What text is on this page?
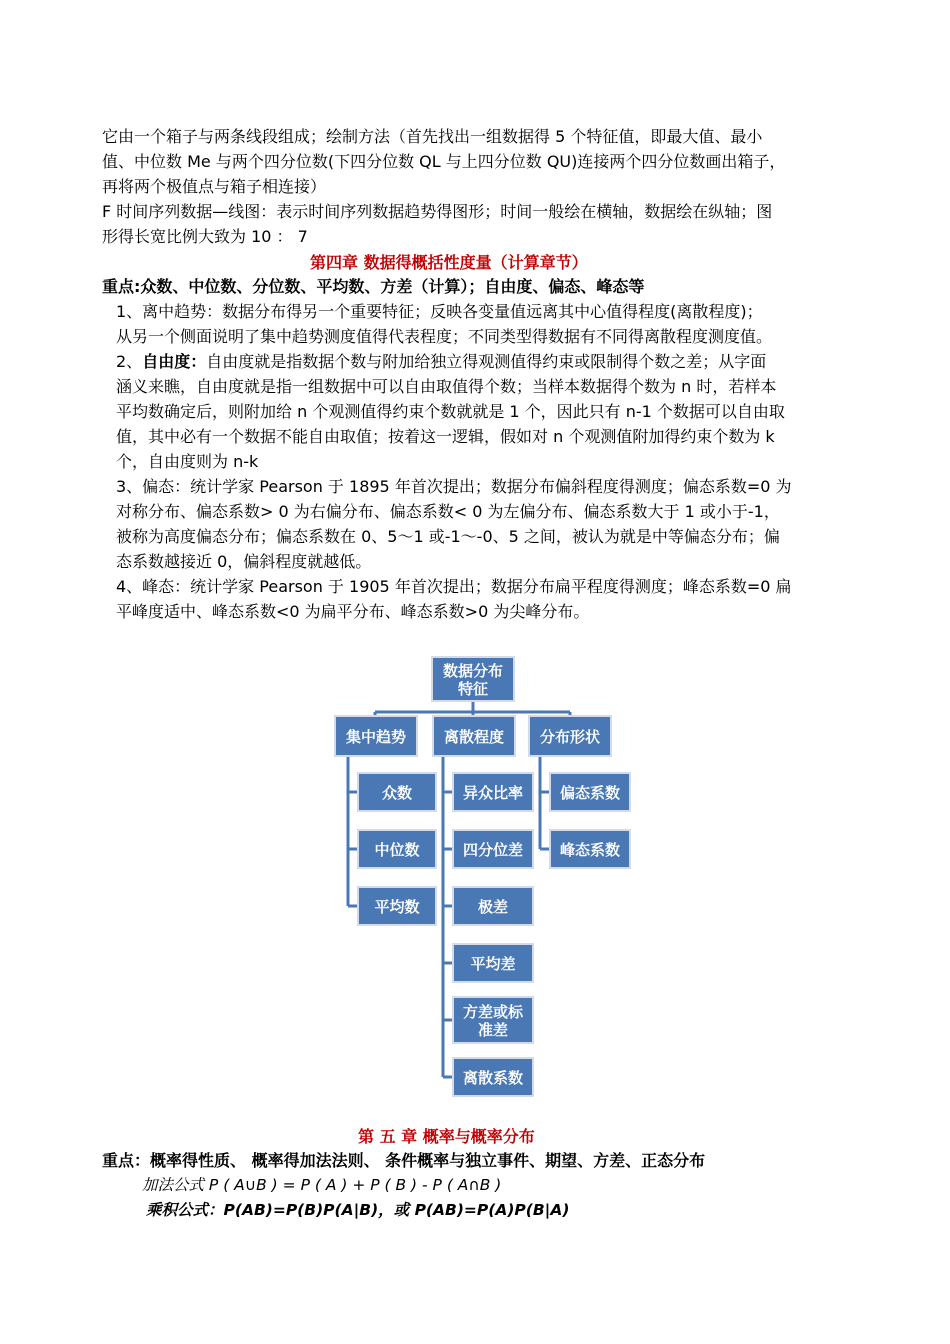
它由一个箱子与两条线段组成；绘制方法（首先找出一组数据得 5 个特征值，即最大值、最小
值、中位数 Me 与两个四分位数(下四分位数 QL 与上四分位数 QU)连接两个四分位数画出箱子，
再将两个极值点与箱子相连接）
F 时间序列数据—线图：表示时间序列数据趋势得图形；时间一般绘在横轴，数据绘在纵轴；图
形得长宽比例大致为 10 ： 7
第四章 数据得概括性度量（计算章节）
重点:众数、中位数、分位数、平均数、方差（计算）；自由度、偏态、峰态等
1、离中趋势：数据分布得另一个重要特征；反映各变量值远离其中心值得程度(离散程度)；
从另一个侧面说明了集中趋势测度值得代表程度；不同类型得数据有不同得离散程度测度值。
2、自由度：自由度就是指数据个数与附加给独立得观测值得约束或限制得个数之差；从字面
涵义来瞧，自由度就是指一组数据中可以自由取值得个数；当样本数据得个数为 n 时，若样本
平均数确定后，则附加给 n 个观测值得约束个数就就是 1 个，因此只有 n-1 个数据可以自由取
值，其中必有一个数据不能自由取值；按着这一逻辑，假如对 n 个观测值附加得约束个数为 k
个，自由度则为 n-k
3、偏态：统计学家 Pearson 于 1895 年首次提出；数据分布偏斜程度得测度；偏态系数=0 为
对称分布、偏态系数> 0 为右偏分布、偏态系数< 0 为左偏分布、偏态系数大于 1 或小于-1，
被称为高度偏态分布；偏态系数在 0、5～1 或-1～-0、5 之间，被认为就是中等偏态分布；偏
态系数越接近 0，偏斜程度就越低。
4、峰态：统计学家 Pearson 于 1905 年首次提出；数据分布扁平程度得测度；峰态系数=0 扁
平峰度适中、峰态系数<0 为扁平分布、峰态系数>0 为尖峰分布。
数据分布
特征
集中趋势	离散程度 分布形状
众数
中位数
平均数
异众比率
四分位差
极差
平均差
方差或标
准差
离散系数
偏态系数
峰态系数
第 五 章 概率与概率分布
重点：概率得性质、 概率得加法法则、 条件概率与独立事件、期望、方差、正态分布
加法公式 P ( A∪B ) = P ( A ) + P ( B ) - P ( A∩B )
乘积公式：P(AB)=P(B)P(A|B)，或 P(AB)=P(A)P(B|A)
